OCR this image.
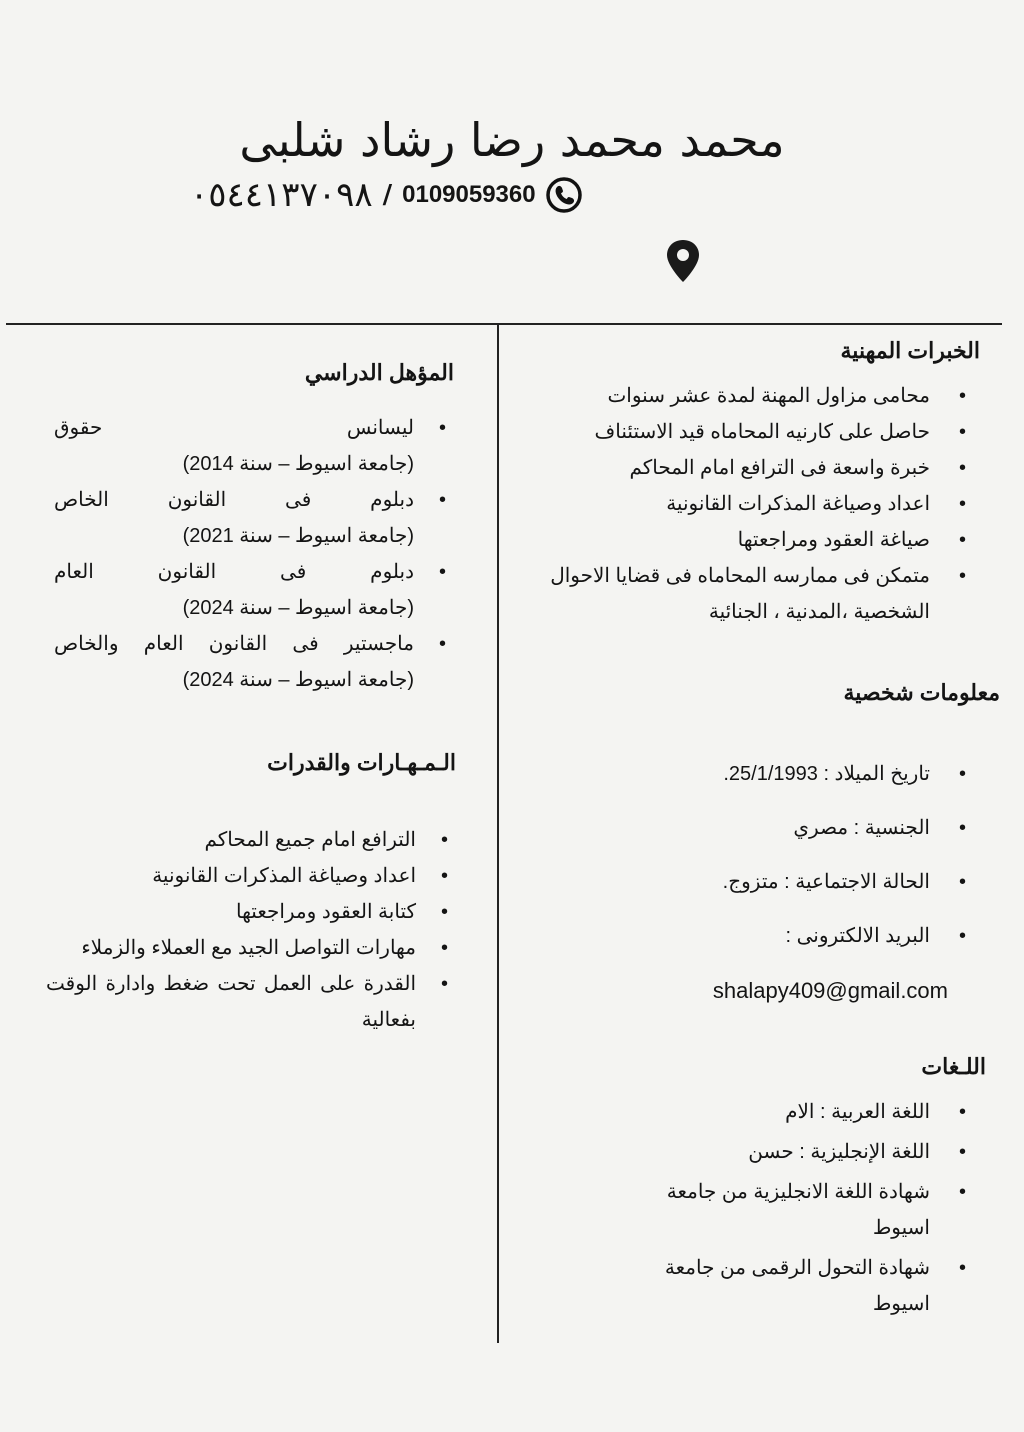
محمد محمد رضا رشاد شلبى
٠٥٤٤١٣٧٠٩٨ / 0109059360
الخبرات المهنية
• محامى مزاول المهنة لمدة عشر سنوات
• حاصل على كارنيه المحاماه قيد الاستئناف
• خبرة واسعة فى الترافع امام المحاكم
• اعداد وصياغة المذكرات القانونية
• صياغة العقود ومراجعتها
• متمكن فى ممارسه المحاماه فى قضايا الاحوال الشخصية ،المدنية ، الجنائية
معلومات شخصية
• تاريخ الميلاد : 25/1/1993.
• الجنسية : مصري
• الحالة الاجتماعية : متزوج.
• البريد الالكترونى :
shalapy409@gmail.com
اللـغات
• اللغة العربية : الام
• اللغة الإنجليزية : حسن
• شهادة اللغة الانجليزية من جامعة اسيوط
• شهادة التحول الرقمى من جامعة اسيوط
المؤهل الدراسي
• ليسانس حقوق
(جامعة اسيوط – سنة 2014)
• دبلوم فى القانون الخاص
(جامعة اسيوط – سنة 2021)
• دبلوم فى القانون العام
(جامعة اسيوط – سنة 2024)
• ماجستير فى القانون العام والخاص
(جامعة اسيوط – سنة 2024)
الـمـهـارات والقدرات
• الترافع امام جميع المحاكم
• اعداد وصياغة المذكرات القانونية
• كتابة العقود ومراجعتها
• مهارات التواصل الجيد مع العملاء والزملاء
• القدرة على العمل تحت ضغط وادارة الوقت بفعالية
